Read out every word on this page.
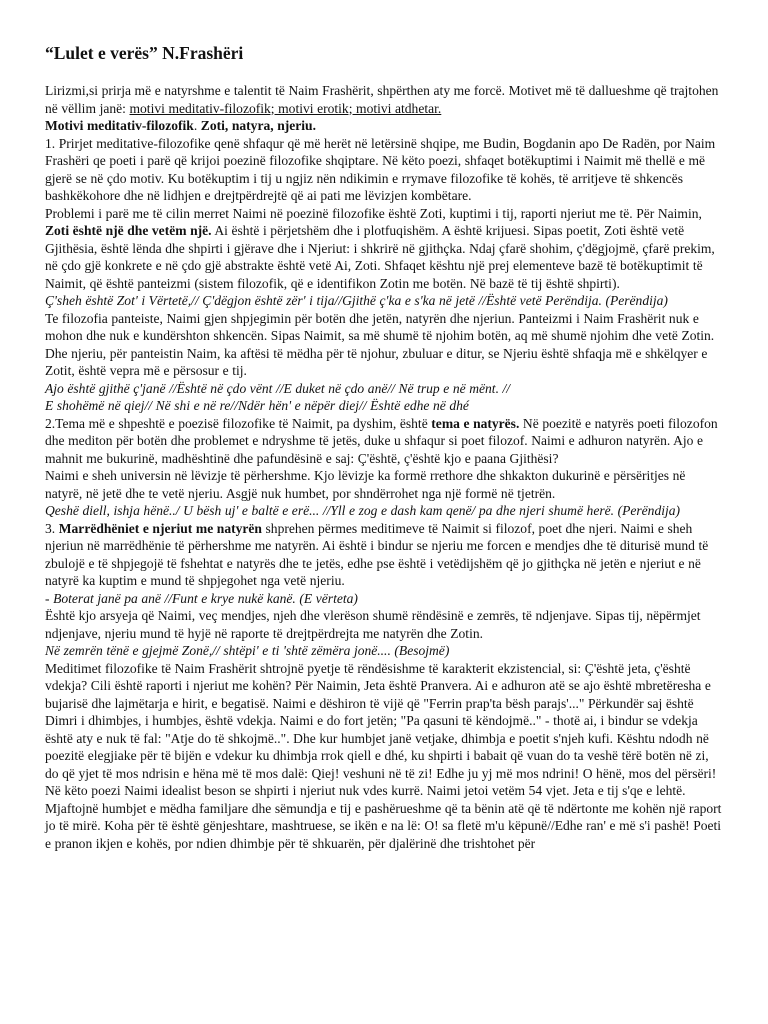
“Lulet e verës” N.Frashëri

Lirizmi,si prirja më e natyrshme e talentit të Naim Frashërit, shpërthen aty me forcë. Motivet më të dallueshme që trajtohen në vëllim janë: motivi meditativ-filozofik; motivi erotik; motivi atdhetar.

Motivi meditativ-filozofik. Zoti, natyra, njeriu.

1. Prirjet meditative-filozofike qenë shfaqur që më herët në letërsinë shqipe, me Budin, Bogdanin apo De Radën, por Naim Frashëri qe poeti i parë që krijoi poezinë filozofike shqiptare. Në këto poezi, shfaqet botëkuptimi i Naimit më thellë e më gjerë se në çdo motiv. Ku botëkuptim i tij u ngjiz nën ndikimin e rrymave filozofike të kohës, të arritjeve të shkencës bashkëkohore dhe në lidhjen e drejtpërdrejtë që ai pati me lëvizjen kombëtare.

Problemi i parë me të cilin merret Naimi në poezinë filozofike është Zoti, kuptimi i tij, raporti njeriut me të. Për Naimin, Zoti është një dhe vetëm një. Ai është i përjetshëm dhe i plotfuqishëm. A është krijuesi. Sipas poetit, Zoti është vetë Gjithësia, është lënda dhe shpirti i gjërave dhe i Njeriut: i shkrirë në gjithçka. Ndaj çfarë shohim, ç'dëgjojmë, çfarë prekim, në çdo gjë konkrete e në çdo gjë abstrakte është vetë Ai, Zoti. Shfaqet kështu një prej elementeve bazë të botëkuptimit të Naimit, që është panteizmi (sistem filozofik, që e identifikon Zotin me botën. Në bazë të tij është shpirti).

Ç'sheh është Zot' i Vërtetë,// Ç'dëgjon është zër' i tija//Gjithë ç'ka e s'ka në jetë //Është vetë Perëndija. (Perëndija)

Te filozofia panteiste, Naimi gjen shpjegimin për botën dhe jetën, natyrën dhe njeriun. Panteizmi i Naim Frashërit nuk e mohon dhe nuk e kundërshton shkencën. Sipas Naimit, sa më shumë të njohim botën, aq më shumë njohim dhe vetë Zotin. Dhe njeriu, për panteistin Naim, ka aftësi të mëdha për të njohur, zbuluar e ditur, se Njeriu është shfaqja më e shkëlqyer e Zotit, është vepra më e përsosur e tij.

Ajo është gjithë ç'janë //Është në çdo vënt //E duket në çdo anë// Në trup e në mënt. //

E shohëmë në qiej// Në shi e në re//Ndër hën' e nëpër diej// Është edhe në dhé

2.Tema më e shpeshtë e poezisë filozofike të Naimit, pa dyshim, është tema e natyrës. Në poezitë e natyrës poeti filozofon dhe mediton për botën dhe problemet e ndryshme të jetës, duke u shfaqur si poet filozof. Naimi e adhuron natyrën. Ajo e mahnit me bukurinë, madhështinë dhe pafundësinë e saj: Ç'është, ç'është kjo e paana Gjithësi?

Naimi e sheh universin në lëvizje të përhershme. Kjo lëvizje ka formë rrethore dhe shkakton dukurinë e përsëritjes në natyrë, në jetë dhe te vetë njeriu. Asgjë nuk humbet, por shndërrohet nga një formë në tjetrën.

Qeshë diell, ishja hënë../ U bësh uj' e baltë e erë... //Yll e zog e dash kam qenë/ pa dhe njeri shumë herë. (Perëndija)

3. Marrëdhëniet e njeriut me natyrën shprehen përmes meditimeve të Naimit si filozof, poet dhe njeri. Naimi e sheh njeriun në marrëdhënie të përhershme me natyrën. Ai është i bindur se njeriu me forcen e mendjes dhe të diturisë mund të zbulojë e të shpjegojë të fshehtat e natyrës dhe te jetës, edhe pse është i vetëdijshëm që jo gjithçka në jetën e njeriut e në natyrë ka kuptim e mund të shpjegohet nga vetë njeriu.

- Boterat janë pa anë //Funt e krye nukë kanë. (E vërteta)

Është kjo arsyeja që Naimi, veç mendjes, njeh dhe vlerëson shumë rëndësinë e zemrës, të ndjenjave. Sipas tij, nëpërmjet ndjenjave, njeriu mund të hyjë në raporte të drejtpërdrejta me natyrën dhe Zotin.

Në zemrën tënë e gjejmë Zonë,// shtëpi' e ti 'shtë zëmëra jonë.... (Besojmë)

Meditimet filozofike të Naim Frashërit shtrojnë pyetje të rëndësishme të karakterit ekzistencial, si: Ç'është jeta, ç'është vdekja? Cili është raporti i njeriut me kohën? Për Naimin, Jeta është Pranvera. Ai e adhuron atë se ajo është mbretëresha e bujarisë dhe lajmëtarja e hirit, e begatisë. Naimi e dëshiron të vijë që "Ferrin prap'ta bësh parajs'..." Përkundër saj është Dimri i dhimbjes, i humbjes, është vdekja. Naimi e do fort jetën; "Pa qasuni të këndojmë.." - thotë ai, i bindur se vdekja është aty e nuk të fal: "Atje do të shkojmë..". Dhe kur humbjet janë vetjake, dhimbja e poetit s'njeh kufi. Kështu ndodh në poezitë elegjiake për të bijën e vdekur ku dhimbja rrok qiell e dhé, ku shpirti i babait që vuan do ta veshë tërë botën në zi, do që yjet të mos ndrisin e hëna më të mos dalë: Qiej! veshuni në të zi! Edhe ju yj më mos ndrini! O hënë, mos del përsëri! Në këto poezi Naimi idealist beson se shpirti i njeriut nuk vdes kurrë. Naimi jetoi vetëm 54 vjet. Jeta e tij s'qe e lehtë. Mjaftojnë humbjet e mëdha familjare dhe sëmundja e tij e pashërueshme që ta bënin atë që të ndërtonte me kohën një raport jo të mirë. Koha për të është gënjeshtare, mashtruese, se ikën e na lë: O! sa fletë m'u këpunë//Edhe ran' e më s'i pashë! Poeti e pranon ikjen e kohës, por ndien dhimbje për të shkuarën, për djalërinë dhe trishtohet për
